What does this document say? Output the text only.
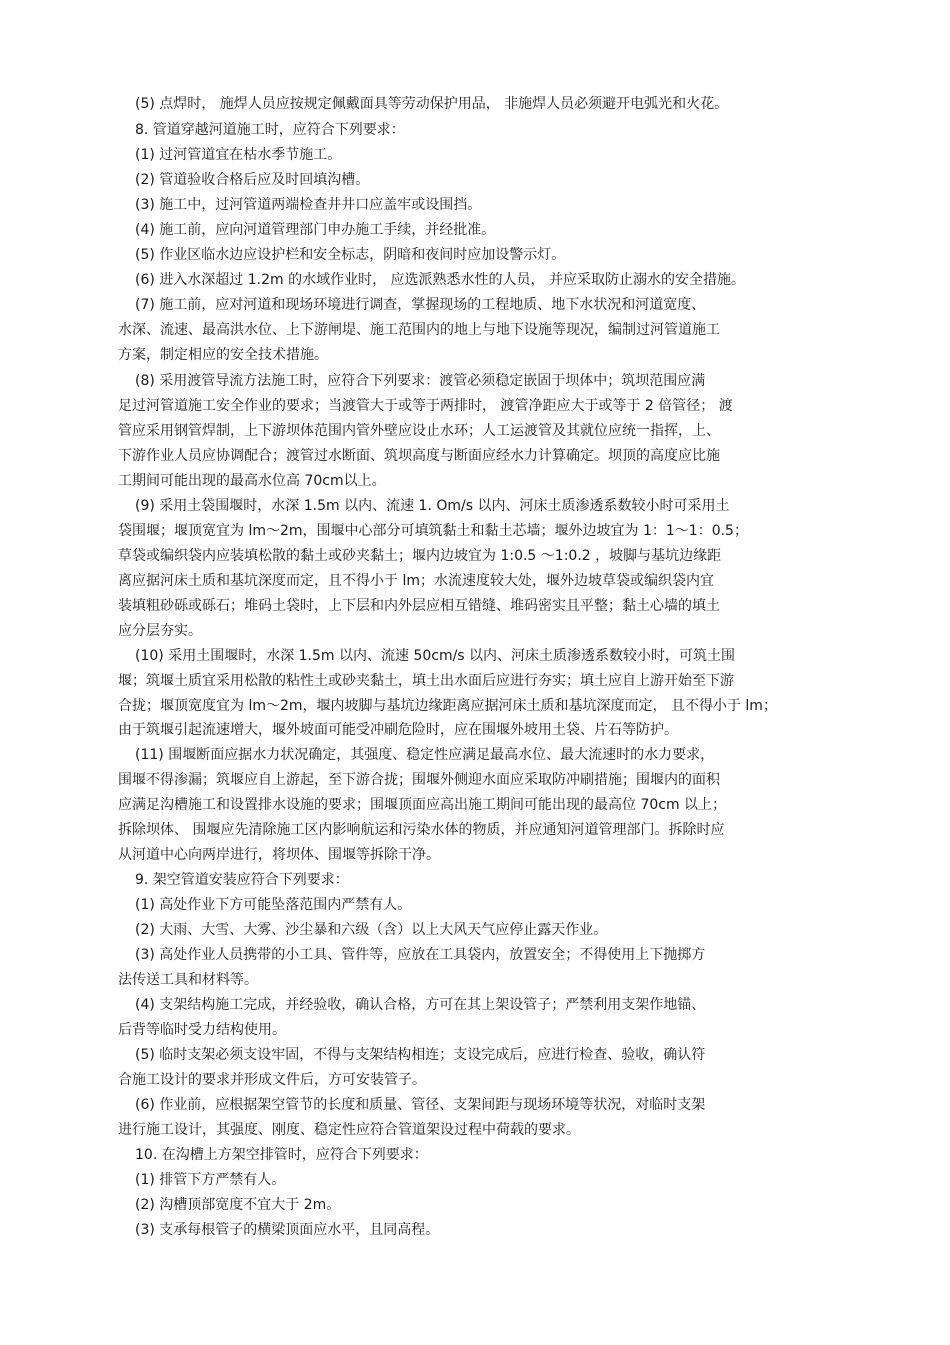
(5) 点焊时， 施焊人员应按规定佩戴面具等劳动保护用品， 非施焊人员必须避开电弧光和火花。
8. 管道穿越河道施工时，应符合下列要求：
(1) 过河管道宜在枯水季节施工。
(2) 管道验收合格后应及时回填沟槽。
(3) 施工中，过河管道两端检查井井口应盖牢或设围挡。
(4) 施工前，应向河道管理部门申办施工手续，并经批准。
(5) 作业区临水边应设护栏和安全标志，阴暗和夜间时应加设警示灯。
(6) 进入水深超过 1.2m 的水域作业时， 应选派熟悉水性的人员， 并应采取防止溺水的安全措施。
(7) 施工前，应对河道和现场环境进行调查，掌握现场的工程地质、地下水状况和河道宽度、
水深、流速、最高洪水位、上下游闸堤、施工范围内的地上与地下设施等现况，编制过河管道施工
方案，制定相应的安全技术措施。
(8) 采用渡管导流方法施工时，应符合下列要求：渡管必须稳定嵌固于坝体中；筑坝范围应满
足过河管道施工安全作业的要求；当渡管大于或等于两排时， 渡管净距应大于或等于 2 倍管径； 渡
管应采用钢管焊制，上下游坝体范围内管外壁应设止水环；人工运渡管及其就位应统一指挥，上、
下游作业人员应协调配合；渡管过水断面、筑坝高度与断面应经水力计算确定。坝顶的高度应比施
工期间可能出现的最高水位高 70cm以上。
(9) 采用土袋围堰时，水深 1.5m 以内、流速 1. Om/s 以内、河床土质渗透系数较小时可采用土
袋围堰；堰顶宽宜为 lm～2m，围堰中心部分可填筑黏土和黏土芯墙；堰外边坡宜为 1：1～1：0.5；
草袋或编织袋内应装填松散的黏土或砂夹黏土；堰内边坡宜为 1:0.5 ～1:0.2 ，坡脚与基坑边缘距
离应据河床土质和基坑深度而定，且不得小于 lm；水流速度较大处，堰外边坡草袋或编织袋内宜
装填粗砂砾或砾石；堆码土袋时，上下层和内外层应相互错缝、堆码密实且平整；黏土心墙的填土
应分层夯实。
(10) 采用土围堰时，水深 1.5m 以内、流速 50cm/s 以内、河床土质渗透系数较小时，可筑土围
堰；筑堰土质宜采用松散的粘性土或砂夹黏土，填土出水面后应进行夯实；填土应自上游开始至下游
合拢；堰顶宽度宜为 lm～2m，堰内坡脚与基坑边缘距离应据河床土质和基坑深度而定， 且不得小于 lm；
由于筑堰引起流速增大，堰外坡面可能受冲刷危险时，应在围堰外坡用土袋、片石等防护。
(11) 围堰断面应据水力状况确定，其强度、稳定性应满足最高水位、最大流速时的水力要求，
围堰不得渗漏；筑堰应自上游起，至下游合拢；围堰外侧迎水面应采取防冲刷措施；围堰内的面积
应满足沟槽施工和设置排水设施的要求；围堰顶面应高出施工期间可能出现的最高位 70cm 以上；
拆除坝体、 围堰应先清除施工区内影响航运和污染水体的物质，并应通知河道管理部门。拆除时应
从河道中心向两岸进行，将坝体、围堰等拆除干净。
9. 架空管道安装应符合下列要求：
(1) 高处作业下方可能坠落范围内严禁有人。
(2) 大雨、大雪、大雾、沙尘暴和六级（含）以上大风天气应停止露天作业。
(3) 高处作业人员携带的小工具、管件等，应放在工具袋内，放置安全；不得使用上下抛掷方
法传送工具和材料等。
(4) 支架结构施工完成，并经验收，确认合格，方可在其上架设管子；严禁利用支架作地锚、
后背等临时受力结构使用。
(5) 临时支架必须支设牢固，不得与支架结构相连；支设完成后，应进行检查、验收，确认符
合施工设计的要求并形成文件后，方可安装管子。
(6) 作业前，应根据架空管节的长度和质量、管径、支架间距与现场环境等状况，对临时支架
进行施工设计，其强度、刚度、稳定性应符合管道架设过程中荷载的要求。
10. 在沟槽上方架空排管时，应符合下列要求：
(1) 排管下方严禁有人。
(2) 沟槽顶部宽度不宜大于 2m。
(3) 支承每根管子的横梁顶面应水平，且同高程。
